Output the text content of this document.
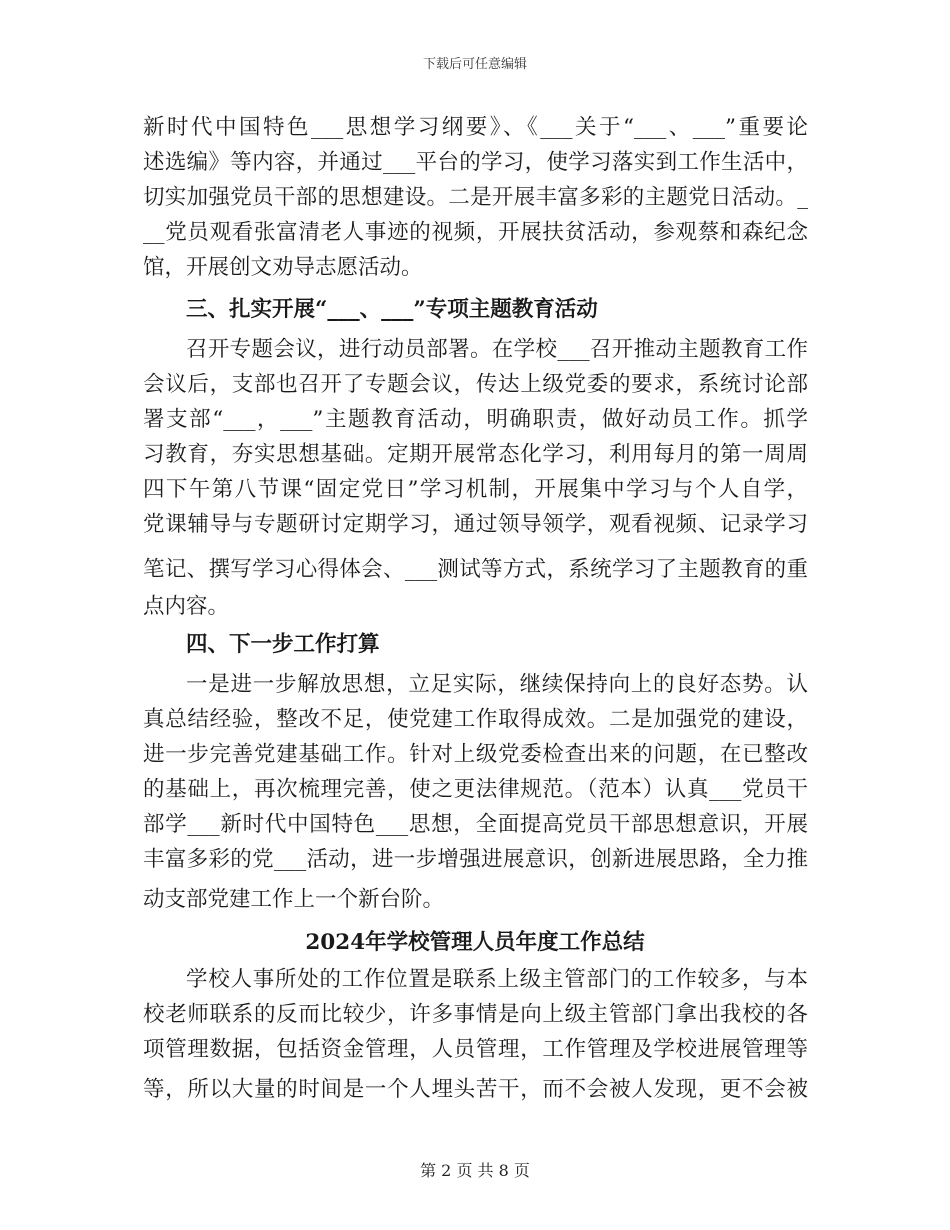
下载后可任意编辑
新时代中国特色___思想学习纲要》、《___关于“___、___”重要论
述选编》等内容，并通过___平台的学习，使学习落实到工作生活中，
切实加强党员干部的思想建设。二是开展丰富多彩的主题党日活动。_
__党员观看张富清老人事迹的视频，开展扶贫活动，参观蔡和森纪念
馆，开展创文劝导志愿活动。
三、扎实开展“___、___”专项主题教育活动
召开专题会议，进行动员部署。在学校___召开推动主题教育工作
会议后，支部也召开了专题会议，传达上级党委的要求，系统讨论部
署支部“___，___”主题教育活动，明确职责，做好动员工作。抓学
习教育，夯实思想基础。定期开展常态化学习，利用每月的第一周周
四下午第八节课“固定党日”学习机制，开展集中学习与个人自学，
党课辅导与专题研讨定期学习，通过领导领学，观看视频、记录学习
笔记、撰写学习心得体会、___测试等方式，系统学习了主题教育的重
点内容。
四、下一步工作打算
一是进一步解放思想，立足实际，继续保持向上的良好态势。认
真总结经验，整改不足，使党建工作取得成效。二是加强党的建设，
进一步完善党建基础工作。针对上级党委检查出来的问题，在已整改
的基础上，再次梳理完善，使之更法律规范。（范本）认真___党员干
部学___新时代中国特色___思想，全面提高党员干部思想意识，开展
丰富多彩的党___活动，进一步增强进展意识，创新进展思路，全力推
动支部党建工作上一个新台阶。
2024年学校管理人员年度工作总结
学校人事所处的工作位置是联系上级主管部门的工作较多，与本
校老师联系的反而比较少，许多事情是向上级主管部门拿出我校的各
项管理数据，包括资金管理，人员管理，工作管理及学校进展管理等
等，所以大量的时间是一个人埋头苦干，而不会被人发现，更不会被
第 2 页 共 8 页
